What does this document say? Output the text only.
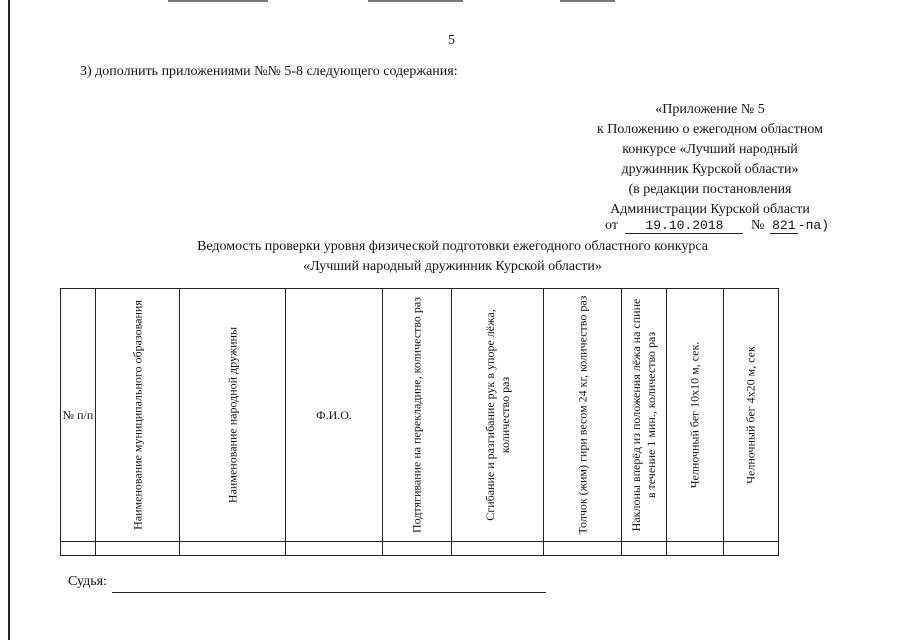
5
3) дополнить приложениями №№ 5-8 следующего содержания:
«Приложение № 5
к Положению о ежегодном областном
конкурсе «Лучший народный
дружинник Курской области»
(в редакции постановления
Администрации Курской области
от 19.10.2018 № 821 -па)
Ведомость проверки уровня физической подготовки ежегодного областного конкурса
«Лучший народный дружинник Курской области»
№ п/п	Наименование муниципального образования	Наименование народной дружины	Ф.И.О.	Подтягивание на перекладине, количество раз	Сгибание и разгибание рук в упоре лёжа, количество раз	Толчок (жим) гири весом 24 кг, количество раз	Наклоны вперёд из положения лёжа на спине в течение 1 мин., количество раз	Челночный бег 10х10 м, сек.	Челночный бег 4х20 м, сек

Судья:
